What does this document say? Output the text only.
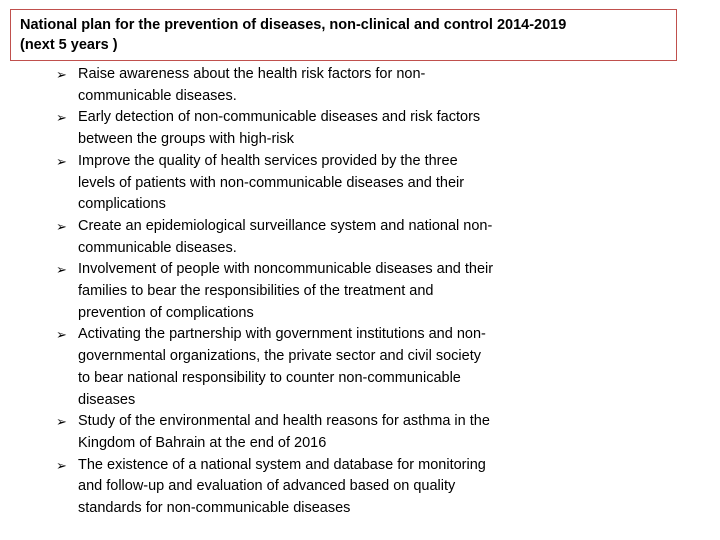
National plan for the prevention of diseases, non-clinical and control 2014-2019
(next 5 years )
➢ Raise awareness about the health risk factors for non-
communicable diseases.
➢ Early detection of non-communicable diseases and risk factors
between the groups with high-risk
➢ Improve the quality of health services provided by the three
levels of patients with non-communicable diseases and their
complications
➢ Create an epidemiological surveillance system and national non-
communicable diseases.
➢ Involvement of people with noncommunicable diseases and their
families to bear the responsibilities of the treatment and
prevention of complications
➢ Activating the partnership with government institutions and non-
governmental organizations, the private sector and civil society
to bear national responsibility to counter non-communicable
diseases
➢ Study of the environmental and health reasons for asthma in the
Kingdom of Bahrain at the end of 2016
➢ The existence of a national system and database for monitoring
and follow-up and evaluation of advanced based on quality
standards for non-communicable diseases
